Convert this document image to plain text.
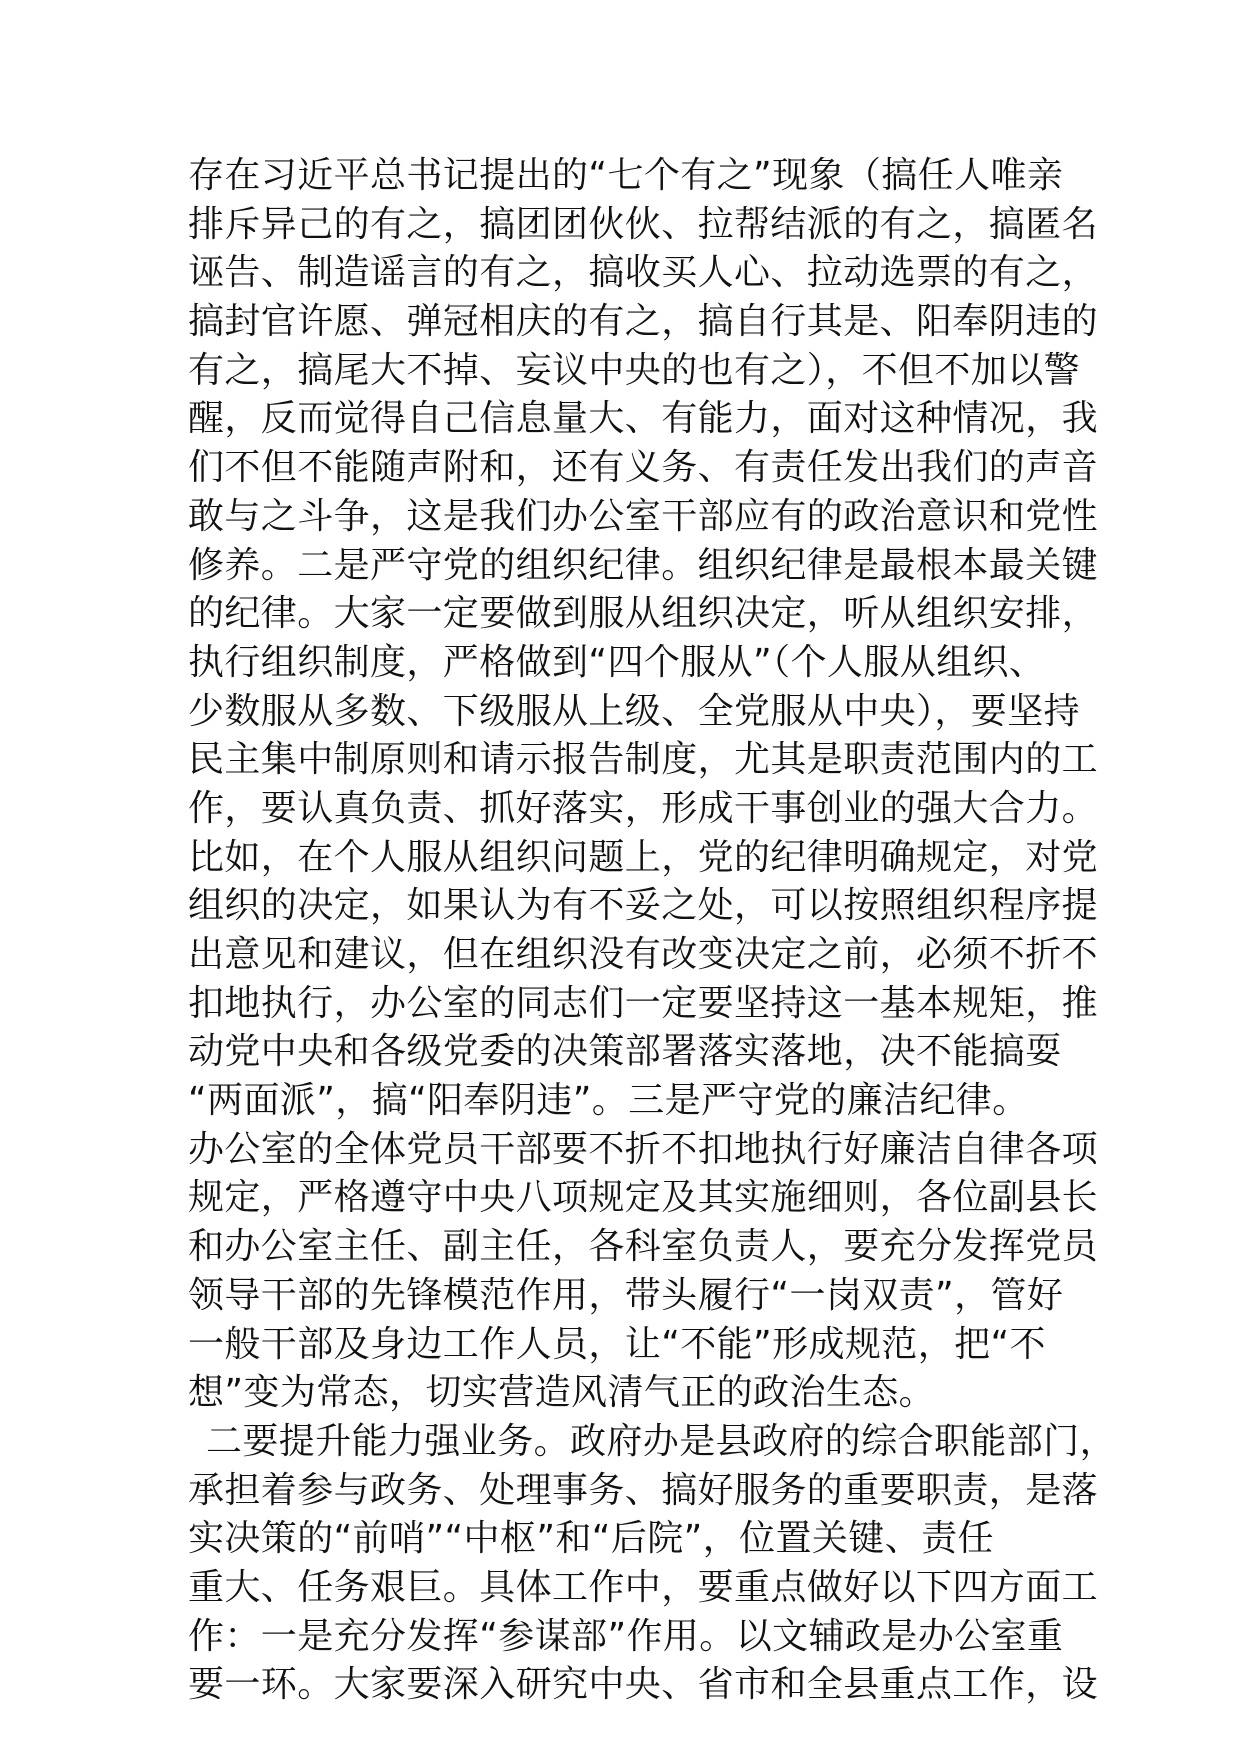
存在习近平总书记提出的“七个有之”现象（搞任人唯亲
排斥异己的有之，搞团团伙伙、拉帮结派的有之，搞匿名
诬告、制造谣言的有之，搞收买人心、拉动选票的有之，
搞封官许愿、弹冠相庆的有之，搞自行其是、阳奉阴违的
有之，搞尾大不掉、妄议中央的也有之），不但不加以警
醒，反而觉得自己信息量大、有能力，面对这种情况，我
们不但不能随声附和，还有义务、有责任发出我们的声音
敢与之斗争，这是我们办公室干部应有的政治意识和党性
修养。二是严守党的组织纪律。组织纪律是最根本最关键
的纪律。大家一定要做到服从组织决定，听从组织安排，
执行组织制度，严格做到“四个服从”（个人服从组织、
少数服从多数、下级服从上级、全党服从中央），要坚持
民主集中制原则和请示报告制度，尤其是职责范围内的工
作，要认真负责、抓好落实，形成干事创业的强大合力。
比如，在个人服从组织问题上，党的纪律明确规定，对党
组织的决定，如果认为有不妥之处，可以按照组织程序提
出意见和建议，但在组织没有改变决定之前，必须不折不
扣地执行，办公室的同志们一定要坚持这一基本规矩，推
动党中央和各级党委的决策部署落实落地，决不能搞耍
“两面派”，搞“阳奉阴违”。三是严守党的廉洁纪律。
办公室的全体党员干部要不折不扣地执行好廉洁自律各项
规定，严格遵守中央八项规定及其实施细则，各位副县长
和办公室主任、副主任，各科室负责人，要充分发挥党员
领导干部的先锋模范作用，带头履行“一岗双责”，管好
一般干部及身边工作人员，让“不能”形成规范，把“不
想”变为常态，切实营造风清气正的政治生态。
二要提升能力强业务。政府办是县政府的综合职能部门，
承担着参与政务、处理事务、搞好服务的重要职责，是落
实决策的“前哨”“中枢”和“后院”，位置关键、责任
重大、任务艰巨。具体工作中，要重点做好以下四方面工
作：一是充分发挥“参谋部”作用。以文辅政是办公室重
要一环。大家要深入研究中央、省市和全县重点工作，设
